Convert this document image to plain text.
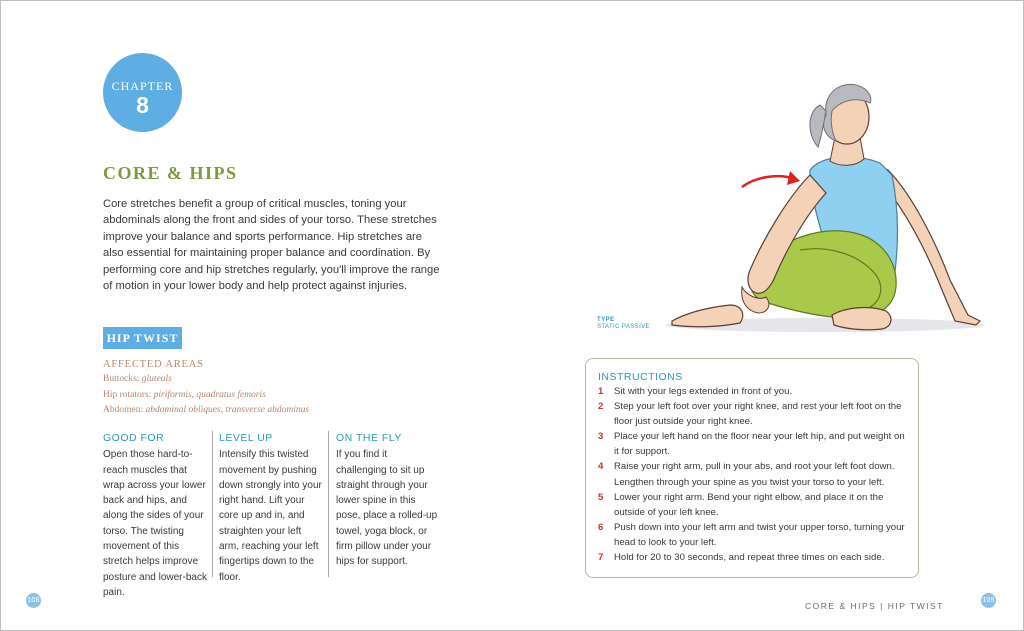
CHAPTER
8
CORE & HIPS

Core stretches benefit a group of critical muscles, toning your abdominals along the front and sides of your torso. These stretches improve your balance and sports performance. Hip stretches are also essential for maintaining proper balance and coordination. By performing core and hip stretches regularly, you'll improve the range of motion in your lower body and help protect against injuries.

HIP TWIST
AFFECTED AREAS
Buttocks: gluteals
Hip rotators: piriformis, quadratus femoris
Abdomen: abdominal obliques, transverse abdominus
GOOD FOR

Open those hard-to-reach muscles that wrap across your lower back and hips, and along the sides of your torso. The twisting movement of this stretch helps improve posture and lower-back pain.

LEVEL UP

Intensify this twisted movement by pushing down strongly into your right hand. Lift your core up and in, and straighten your left arm, reaching your left fingertips down to the floor.

ON THE FLY

If you find it challenging to sit up straight through your lower spine in this pose, place a rolled-up towel, yoga block, or firm pillow under your hips for support.

TYPE
STATIC PASSIVE
INSTRUCTIONS
1 Sit with your legs extended in front of you.
2 Step your left foot over your right knee, and rest your left foot on the floor just outside your right knee.
3 Place your left hand on the floor near your left hip, and put weight on it for support.
4 Raise your right arm, pull in your abs, and root your left foot down. Lengthen through your spine as you twist your torso to your left.
5 Lower your right arm. Bend your right elbow, and place it on the outside of your left knee.
6 Push down into your left arm and twist your upper torso, turning your head to look to your left.
7 Hold for 20 to 30 seconds, and repeat three times on each side.
108
CORE & HIPS | HIP TWIST
109
